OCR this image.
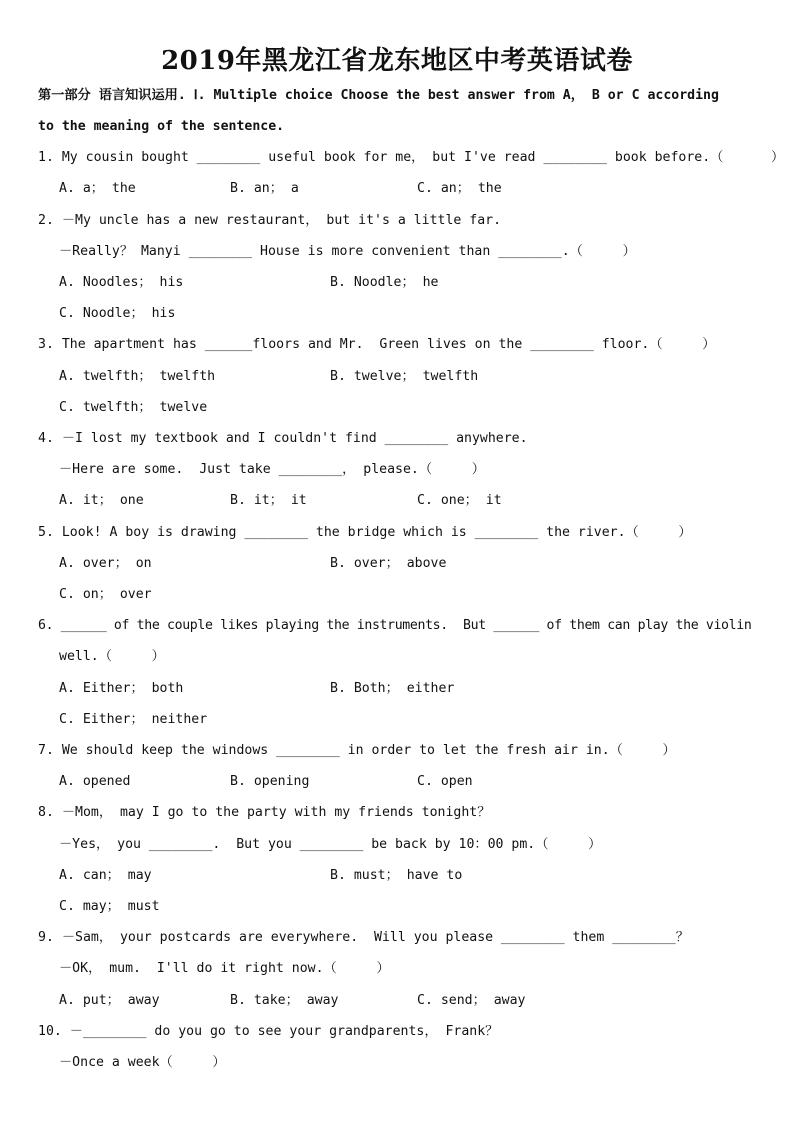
2019年黑龙江省龙东地区中考英语试卷
第一部分 语言知识运用. Ⅰ. Multiple choice Choose the best answer from A， B or C according
to the meaning of the sentence.
1. My cousin bought ________ useful book for me， but I've read ________ book before.（      ）
A. a； the	B. an； a	C. an； the
2. －My uncle has a new restaurant， but it's a little far.
－Really？ Manyi ________ House is more convenient than ________.（     ）
A. Noodles； his	B. Noodle； he
C. Noodle； his
3. The apartment has ______floors and Mr.  Green lives on the ________ floor.（     ）
A. twelfth； twelfth	B. twelve； twelfth
C. twelfth； twelve
4. －I lost my textbook and I couldn't find ________ anywhere.
－Here are some.  Just take ________， please.（     ）
A. it； one	B. it； it	C. one； it
5. Look! A boy is drawing ________ the bridge which is ________ the river.（     ）
A. over； on	B. over； above
C. on； over
6. ______ of the couple likes playing the instruments.  But ______ of them can play the violin
well.（     ）
A. Either； both	B. Both； either
C. Either； neither
7. We should keep the windows ________ in order to let the fresh air in.（     ）
A. opened	B. opening	C. open
8. －Mom， may I go to the party with my friends tonight？
－Yes， you ________.  But you ________ be back by 10：00 pm.（     ）
A. can； may	B. must； have to
C. may； must
9. －Sam， your postcards are everywhere.  Will you please ________ them ________？
－OK， mum.  I'll do it right now.（     ）
A. put； away	B. take； away	C. send； away
10. －________ do you go to see your grandparents， Frank？
－Once a week（     ）
